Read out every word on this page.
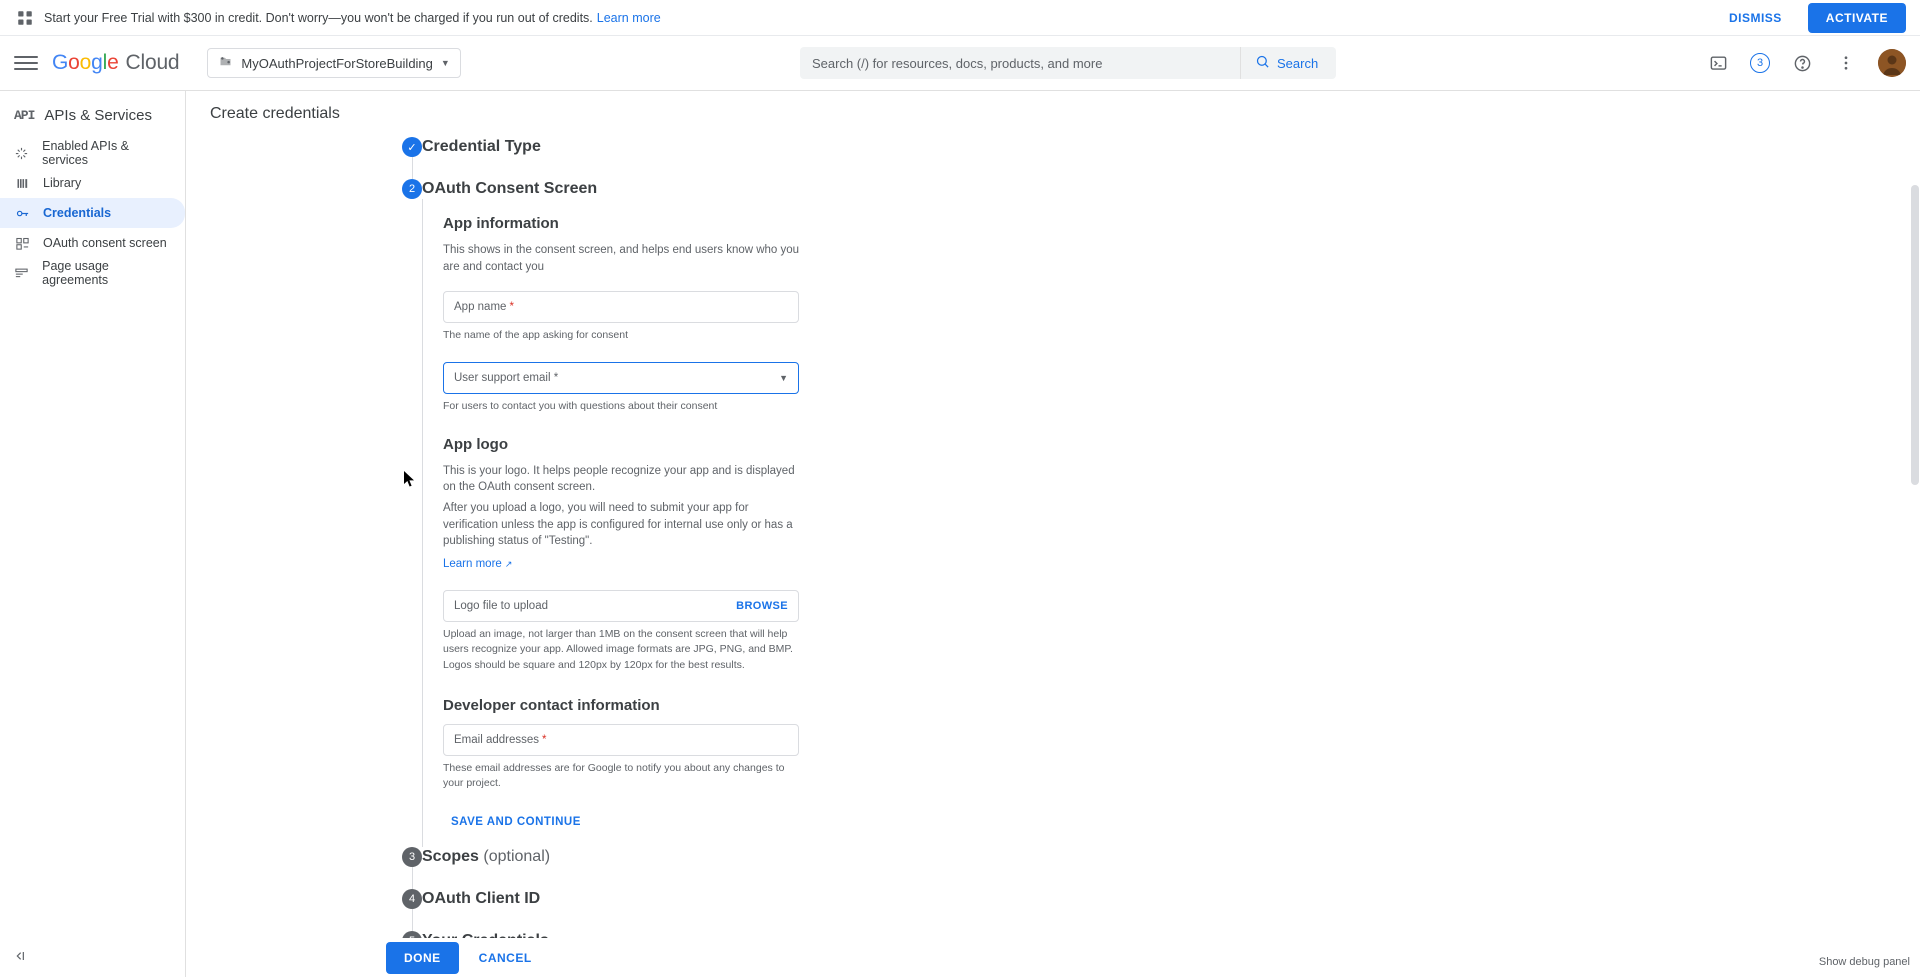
Start your Free Trial with $300 in credit. Don't worry—you won't be charged if you run out of credits. Learn more	DISMISS	ACTIVATE
G o o g l e Cloud	MyOAuthProjectForStoreBuilding ▼
Search (/) for resources, docs, products, and more	Search	3
API APIs & Services
Enabled APIs & services
Library
Credentials
OAuth consent screen
Page usage agreements
Create credentials
✓ Credential Type
2 OAuth Consent Screen
App information
This shows in the consent screen, and helps end users know who you are and contact you
App name *
The name of the app asking for consent
User support email *	▼
For users to contact you with questions about their consent
App logo
This is your logo. It helps people recognize your app and is displayed on the OAuth consent screen.
After you upload a logo, you will need to submit your app for verification unless the app is configured for internal use only or has a publishing status of "Testing".
Learn more ↗
Logo file to upload	BROWSE
Upload an image, not larger than 1MB on the consent screen that will help users recognize your app. Allowed image formats are JPG, PNG, and BMP. Logos should be square and 120px by 120px for the best results.
Developer contact information
Email addresses *
These email addresses are for Google to notify you about any changes to your project.
SAVE AND CONTINUE
3 Scopes (optional)
4 OAuth Client ID
DONE	CANCEL	Show debug panel
